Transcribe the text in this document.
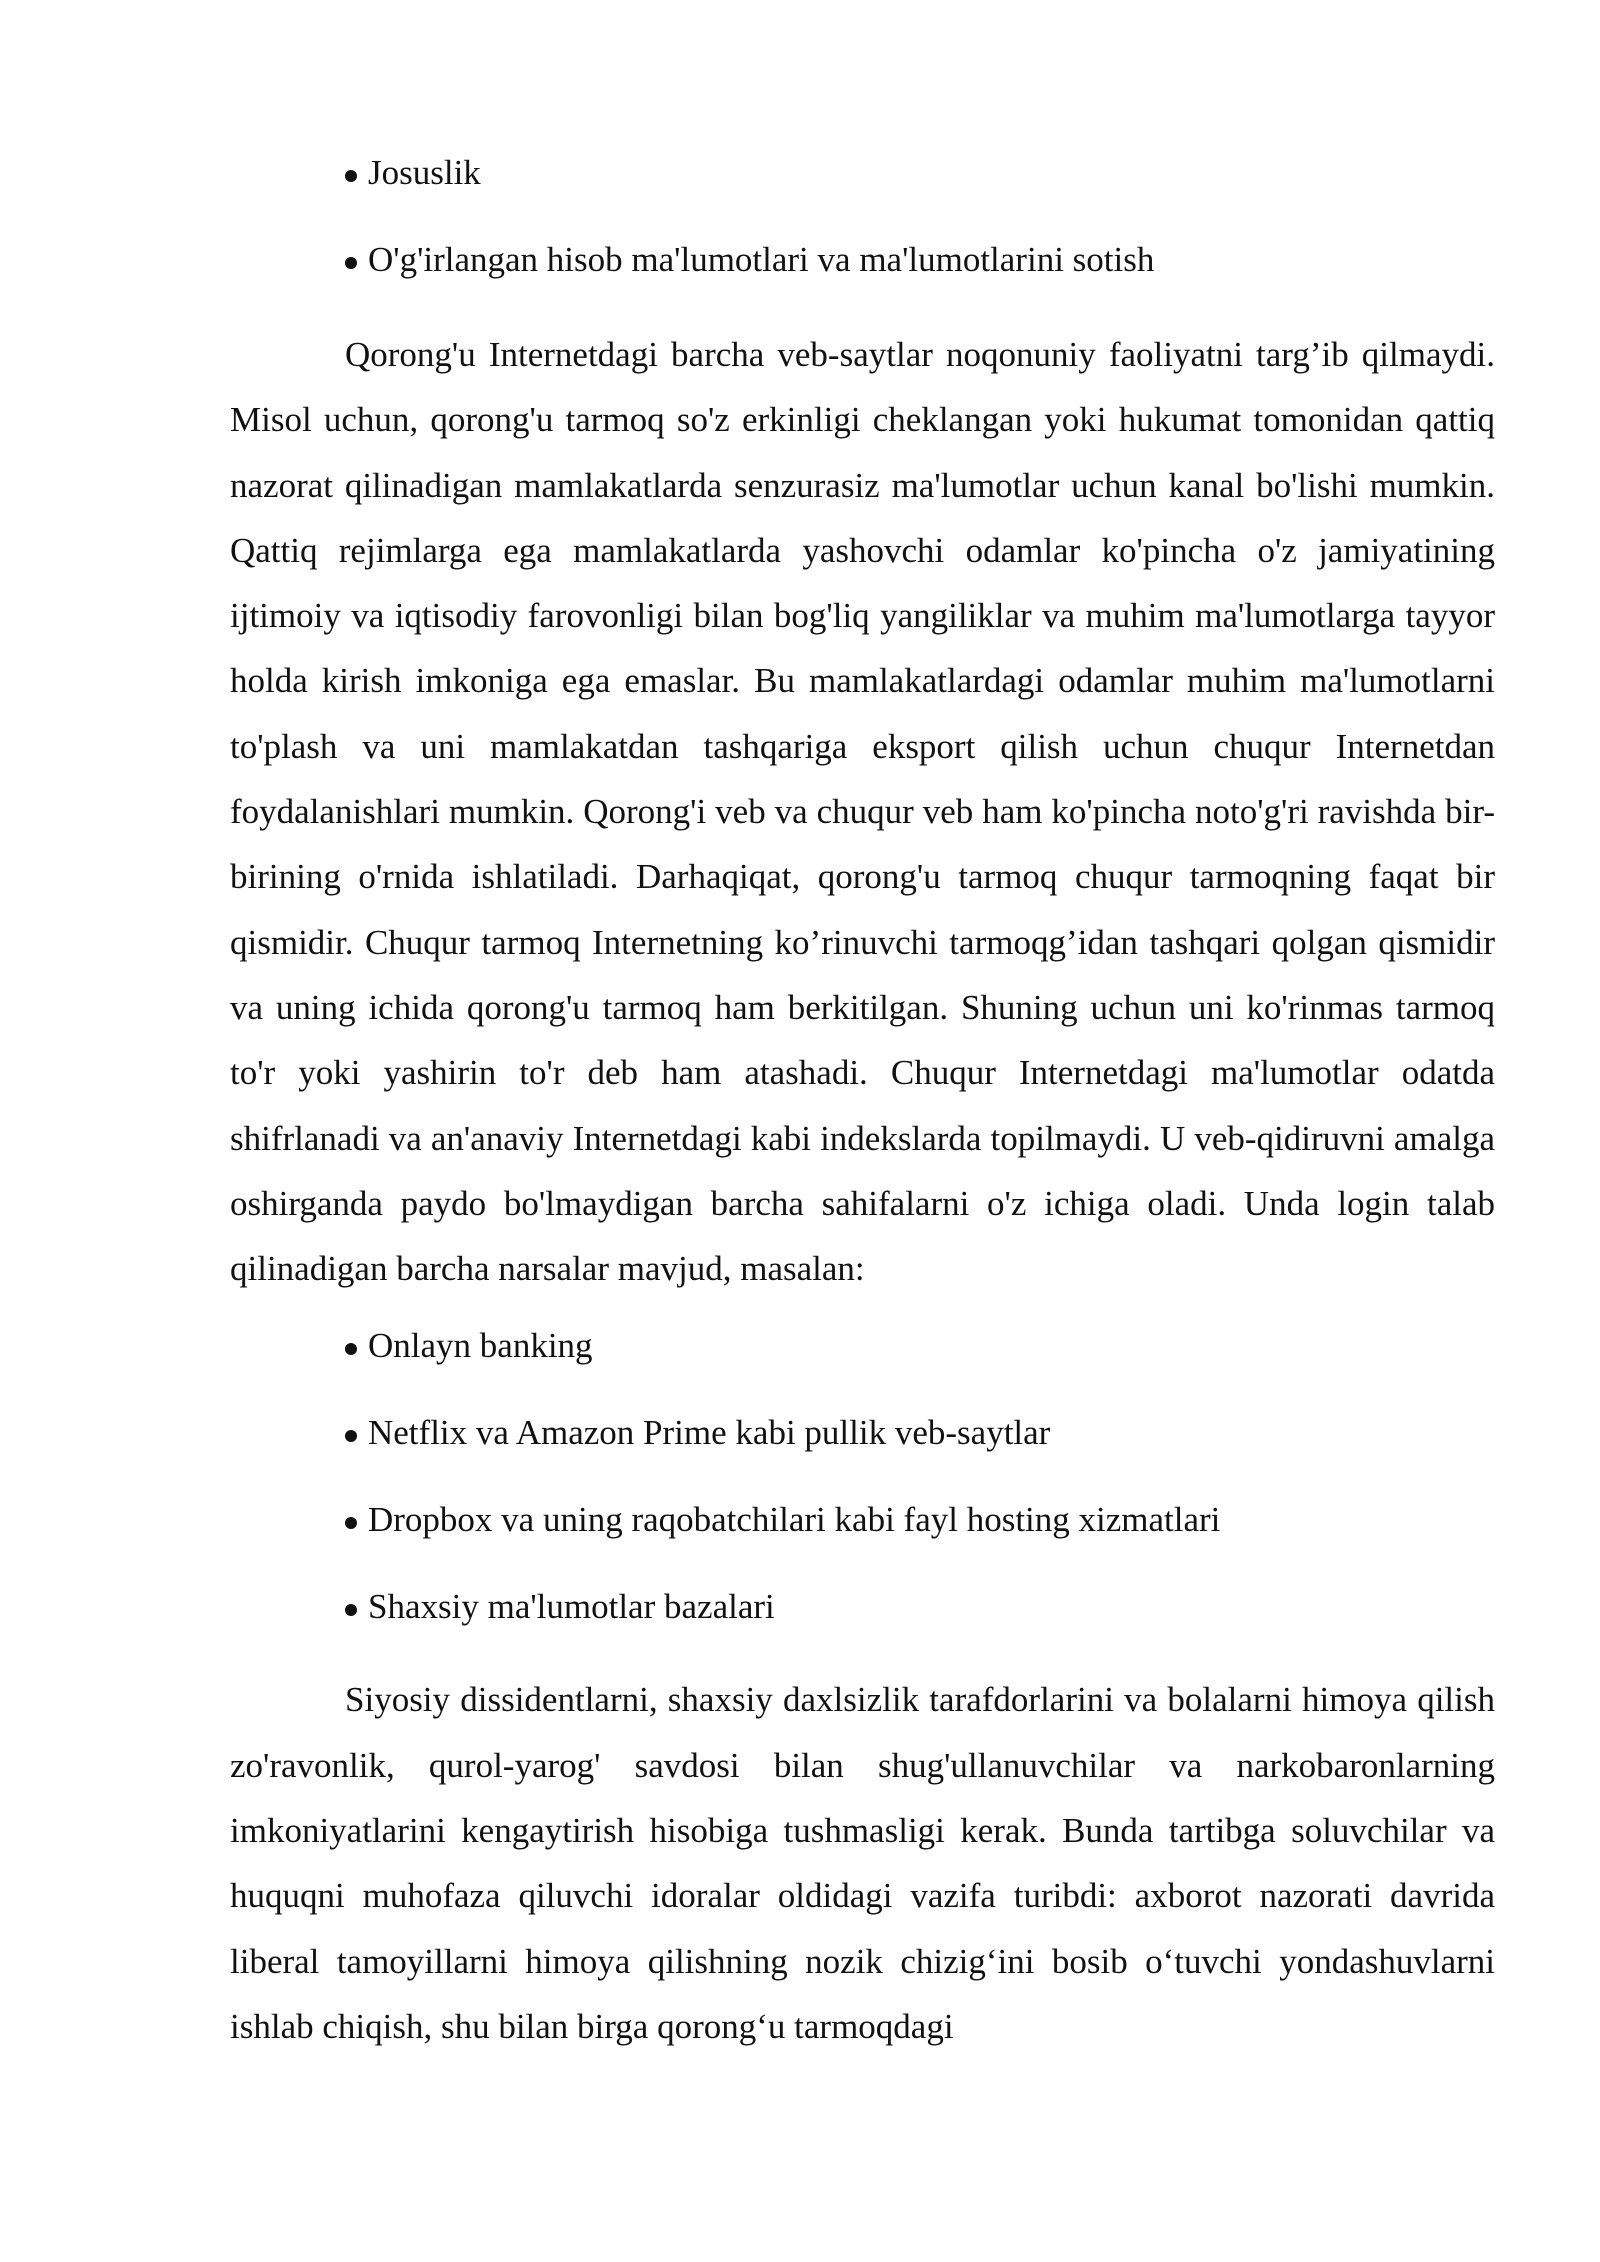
Josuslik
O'g'irlangan hisob ma'lumotlari va ma'lumotlarini sotish

Qorong'u Internetdagi barcha veb-saytlar noqonuniy faoliyatni targ’ib qilmaydi. Misol uchun, qorong'u tarmoq so'z erkinligi cheklangan yoki hukumat tomonidan qattiq nazorat qilinadigan mamlakatlarda senzurasiz ma'lumotlar uchun kanal bo'lishi mumkin. Qattiq rejimlarga ega mamlakatlarda yashovchi odamlar ko'pincha o'z jamiyatining ijtimoiy va iqtisodiy farovonligi bilan bog'liq yangiliklar va muhim ma'lumotlarga tayyor holda kirish imkoniga ega emaslar. Bu mamlakatlardagi odamlar muhim ma'lumotlarni to'plash va uni mamlakatdan tashqariga eksport qilish uchun chuqur Internetdan foydalanishlari mumkin. Qorong'i veb va chuqur veb ham ko'pincha noto'g'ri ravishda bir-birining o'rnida ishlatiladi. Darhaqiqat, qorong'u tarmoq chuqur tarmoqning faqat bir qismidir. Chuqur tarmoq Internetning ko’rinuvchi tarmoqg’idan tashqari qolgan qismidir va uning ichida qorong'u tarmoq ham berkitilgan. Shuning uchun uni ko'rinmas tarmoq to'r yoki yashirin to'r deb ham atashadi. Chuqur Internetdagi ma'lumotlar odatda shifrlanadi va an'anaviy Internetdagi kabi indekslarda topilmaydi. U veb-qidiruvni amalga oshirganda paydo bo'lmaydigan barcha sahifalarni o'z ichiga oladi. Unda login talab qilinadigan barcha narsalar mavjud, masalan:

Onlayn banking
Netflix va Amazon Prime kabi pullik veb-saytlar
Dropbox va uning raqobatchilari kabi fayl hosting xizmatlari
Shaxsiy ma'lumotlar bazalari

Siyosiy dissidentlarni, shaxsiy daxlsizlik tarafdorlarini va bolalarni himoya qilish zo'ravonlik, qurol-yarog' savdosi bilan shug'ullanuvchilar va narkobaronlarning imkoniyatlarini kengaytirish hisobiga tushmasligi kerak. Bunda tartibga soluvchilar va huquqni muhofaza qiluvchi idoralar oldidagi vazifa turibdi: axborot nazorati davrida liberal tamoyillarni himoya qilishning nozik chizig‘ini bosib o‘tuvchi yondashuvlarni ishlab chiqish, shu bilan birga qorong‘u tarmoqdagi
